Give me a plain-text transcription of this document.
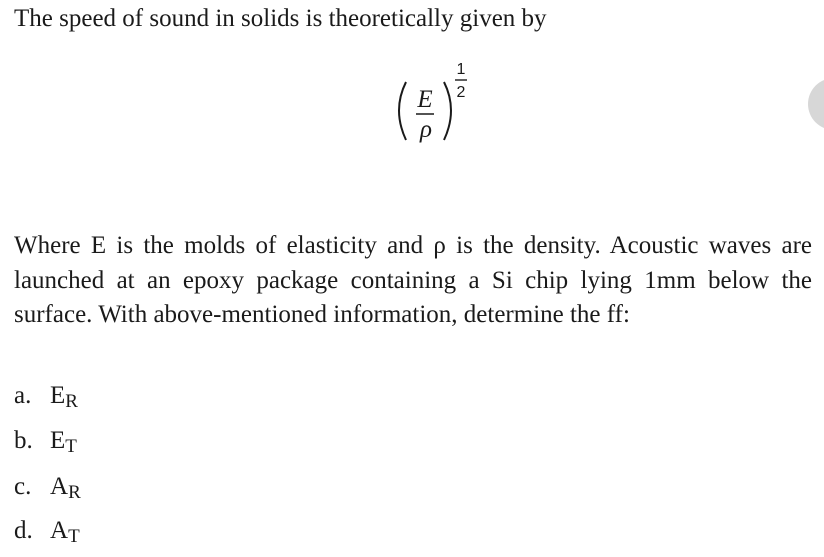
The speed of sound in solids is theoretically given by
E
ρ
1
2
Where E is the molds of elasticity and ρ is the density. Acoustic waves are launched at an epoxy package containing a Si chip lying 1mm below the surface. With above-mentioned information, determine the ff:
a. ER
b. ET
c. AR
d. AT
